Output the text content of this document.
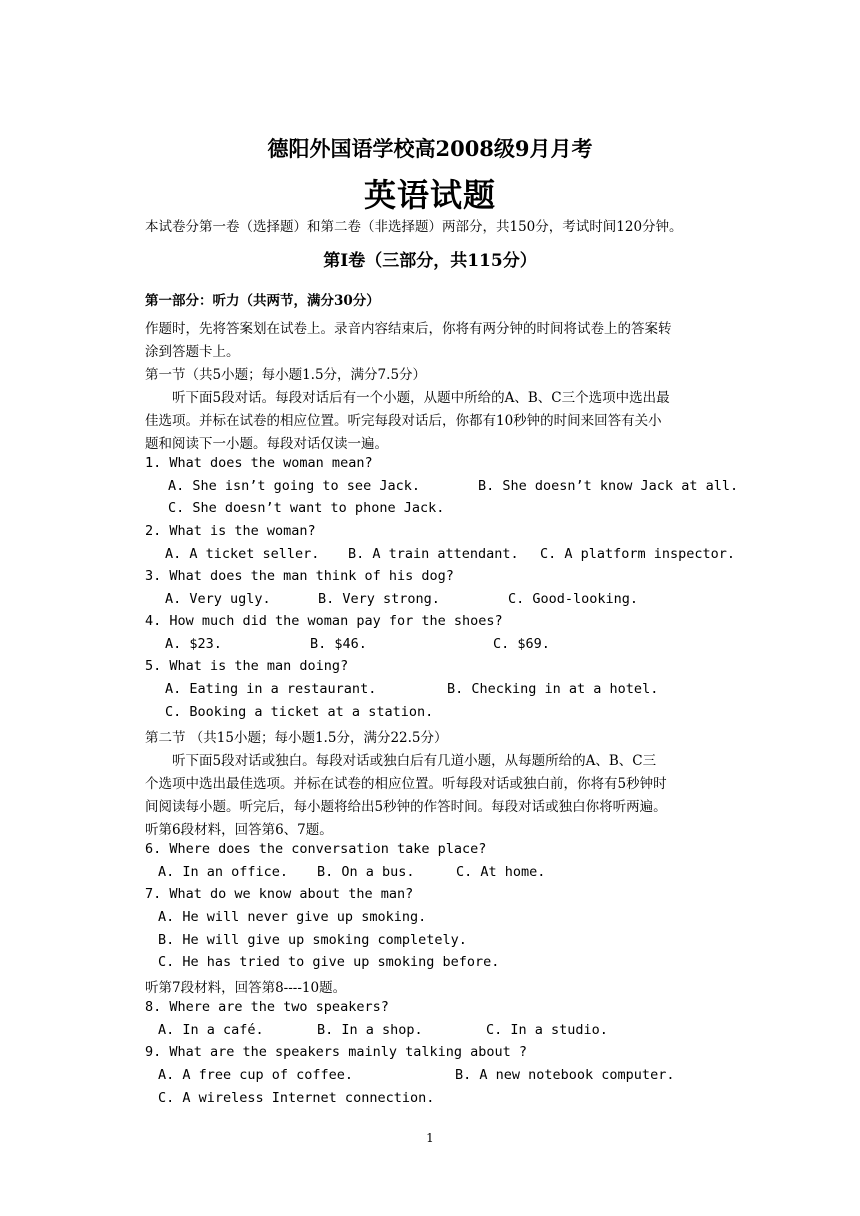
德阳外国语学校高2008级9月月考
英语试题
本试卷分第一卷（选择题）和第二卷（非选择题）两部分，共150分，考试时间120分钟。
第I卷（三部分，共115分）
第一部分：听力（共两节，满分30分）
作题时，先将答案划在试卷上。录音内容结束后，你将有两分钟的时间将试卷上的答案转
涂到答题卡上。
第一节（共5小题；每小题1.5分，满分7.5分）
听下面5段对话。每段对话后有一个小题，从题中所给的A、B、C三个选项中选出最
佳选项。并标在试卷的相应位置。听完每段对话后，你都有10秒钟的时间来回答有关小
题和阅读下一小题。每段对话仅读一遍。
1. What does the woman mean?
A. She isn’t going to see Jack.	B. She doesn’t know Jack at all.
C. She doesn’t want to phone Jack.
2. What is the woman?
A. A ticket seller. B. A train attendant. C. A platform inspector.
3. What does the man think of his dog?
A. Very ugly.	B. Very strong.	C. Good-looking.
4. How much did the woman pay for the shoes?
A. $23.	B. $46.	C. $69.
5. What is the man doing?
A. Eating in a restaurant.	B. Checking in at a hotel.
C. Booking a ticket at a station.
第二节 （共15小题；每小题1.5分，满分22.5分）
听下面5段对话或独白。每段对话或独白后有几道小题，从每题所给的A、B、C三
个选项中选出最佳选项。并标在试卷的相应位置。听每段对话或独白前，你将有5秒钟时
间阅读每小题。听完后，每小题将给出5秒钟的作答时间。每段对话或独白你将听两遍。
听第6段材料，回答第6、7题。
6. Where does the conversation take place?
A. In an office. B. On a bus.	C. At home.
7. What do we know about the man?
A. He will never give up smoking.
B. He will give up smoking completely.
C. He has tried to give up smoking before.
听第7段材料，回答第8----10题。
8. Where are the two speakers?
A. In a café.	B. In a shop.	C. In a studio.
9. What are the speakers mainly talking about ?
A. A free cup of coffee.	B. A new notebook computer.
C. A wireless Internet connection.
1
